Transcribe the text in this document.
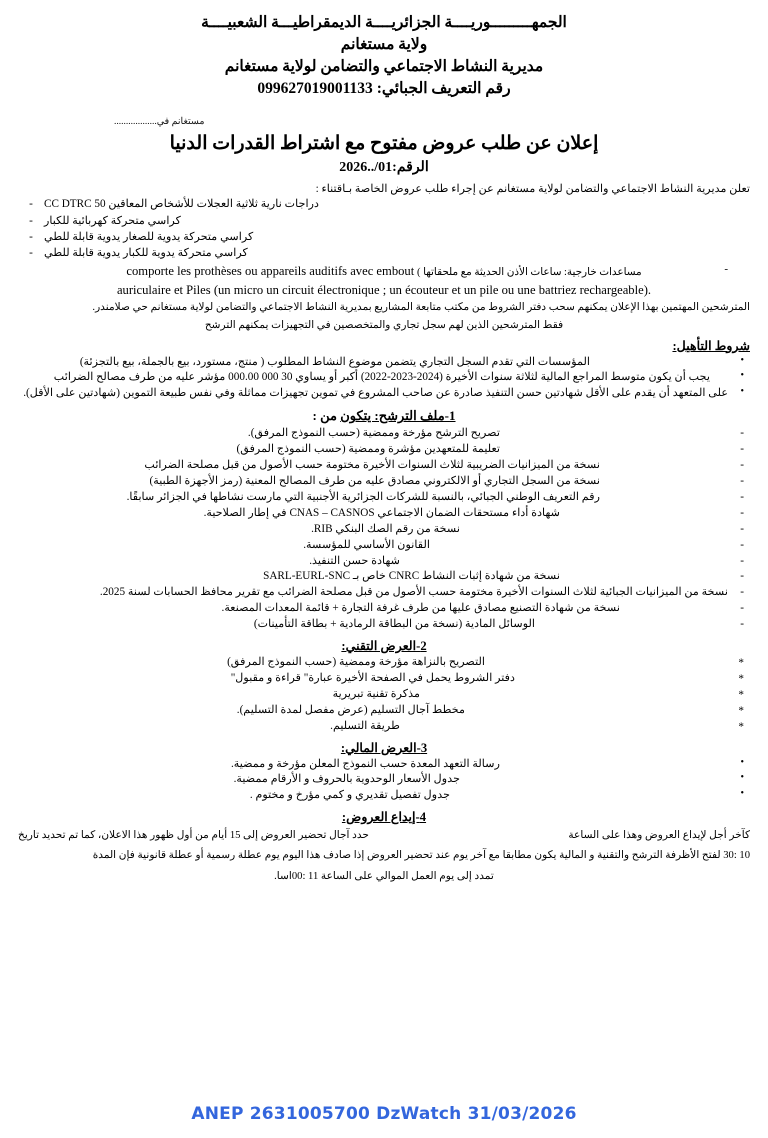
الجمهـــــــــوريــــة الجزائريــــة الديمقراطيـــة الشعبيــــة
ولاية مستغانم
مديرية النشاط الاجتماعي والتضامن لولاية مستغانم
رقم التعريف الجبائي: 099627019001133
مستغانم في..................
إعلان عن طلب عروض مفتوح مع اشتراط القدرات الدنيا
الرقم:01/..2026
تعلن مديرية النشاط الاجتماعي والتضامن لولاية مستغانم عن إجراء طلب عروض الخاصة بـاقتناء :
- دراجات نارية ثلاثية العجلات للأشخاص المعاقين 50 CC DTRC
- كراسي متحركة كهربائية للكبار
- كراسي متحركة يدوية للصغار يدوية قابلة للطي
- كراسي متحركة يدوية للكبار يدوية قابلة للطي
-
مساعدات خارجية: ساعات الأذن الحديثة مع ملحقاتها ) comporte les prothèses ou appareils auditifs avec embout
auriculaire et Piles (un micro un circuit électronique ; un écouteur et un pile ou une battriez rechargeable).
المترشحين المهتمين بهذا الإعلان يمكنهم سحب دفتر الشروط من مكتب متابعة المشاريع بمديرية النشاط الاجتماعي والتضامن لولاية مستغانم حي صلامندر.
فقط المترشحين الذين لهم سجل تجاري والمتخصصين في التجهيزات يمكنهم الترشح
شروط التأهيل:
• المؤسسات التي تقدم السجل التجاري يتضمن موضوع النشاط المطلوب ( منتج، مستورد، بيع بالجملة، بيع بالتجزئة)
• يجب أن يكون متوسط المراجع المالية لثلاثة سنوات الأخيرة (2024-2023-2022) أكبر أو يساوي 30 000 000.00 مؤشر عليه من طرف مصالح الضرائب
• على المتعهد أن يقدم على الأقل شهادتين حسن التنفيذ صادرة عن صاحب المشروع في تموين تجهيزات مماثلة وفي نفس طبيعة التموين (شهادتين على الأقل).
1-ملف الترشح: يتكون من :
- تصريح الترشح مؤرخة وممضية (حسب النموذج المرفق).
- تعليمة للمتعهدين مؤشرة وممضية (حسب النموذج المرفق)
- نسخة من الميزانيات الضريبية لثلاث السنوات الأخيرة مختومة حسب الأصول من قبل مصلحة الضرائب
- نسخة من السجل التجاري أو الالكتروني مصادق عليه من طرف المصالح المعنية (رمز الأجهزة الطبية)
- رقم التعريف الوطني الجبائي، بالنسبة للشركات الجزائرية الأجنبية التي مارست نشاطها في الجزائر سابقًا.
- شهادة أداء مستحقات الضمان الاجتماعي CNAS – CASNOS في إطار الصلاحية.
- نسخة من رقم الصك البنكي RIB.
- القانون الأساسي للمؤسسة.
- شهادة حسن التنفيذ.
- نسخة من شهادة إثبات النشاط CNRC خاص بـ SARL-EURL-SNC
- نسخة من الميزانيات الجبائية لثلاث السنوات الأخيرة مختومة حسب الأصول من قبل مصلحة الضرائب مع تقرير محافظ الحسابات لسنة 2025.
- نسخة من شهادة التصنيع مصادق عليها من طرف غرفة التجارة + قائمة المعدات المصنعة.
- الوسائل المادية (نسخة من البطاقة الرمادية + بطاقة التأمينات)
2-العرض التقني:
* التصريح بالنزاهة مؤرخة وممضية (حسب النموذج المرفق)
* دفتر الشروط يحمل في الصفحة الأخيرة عبارة" قراءة و مقبول"
* مذكرة تقنية تبريرية
* مخطط آجال التسليم (عرض مفصل لمدة التسليم).
* طريقة التسليم.
3-العرض المالي:
• رسالة التعهد المعدة حسب النموذج المعلن مؤرخة و ممضية.
• جدول الأسعار الوحدوية بالحروف و الأرقام ممضية.
• جدول تفصيل تقديري و كمي مؤرخ و مختوم .
4-إيداع العروض:
حدد آجال تحضير العروض إلى 15 أيام من أول ظهور هذا الاعلان، كما تم تحديد تاريخ	كآخر أجل لإيداع العروض وهذا على الساعة
10 :30 لفتح الأظرفة الترشح والتقنية و المالية يكون مطابقا مع آخر يوم عند تحضير العروض إذا صادف هذا اليوم يوم عطلة رسمية أو عطلة قانونية فإن المدة
تمدد إلى يوم العمل الموالي على الساعة 11 :00اسا.
ANEP 2631005700 DzWatch 31/03/2026
